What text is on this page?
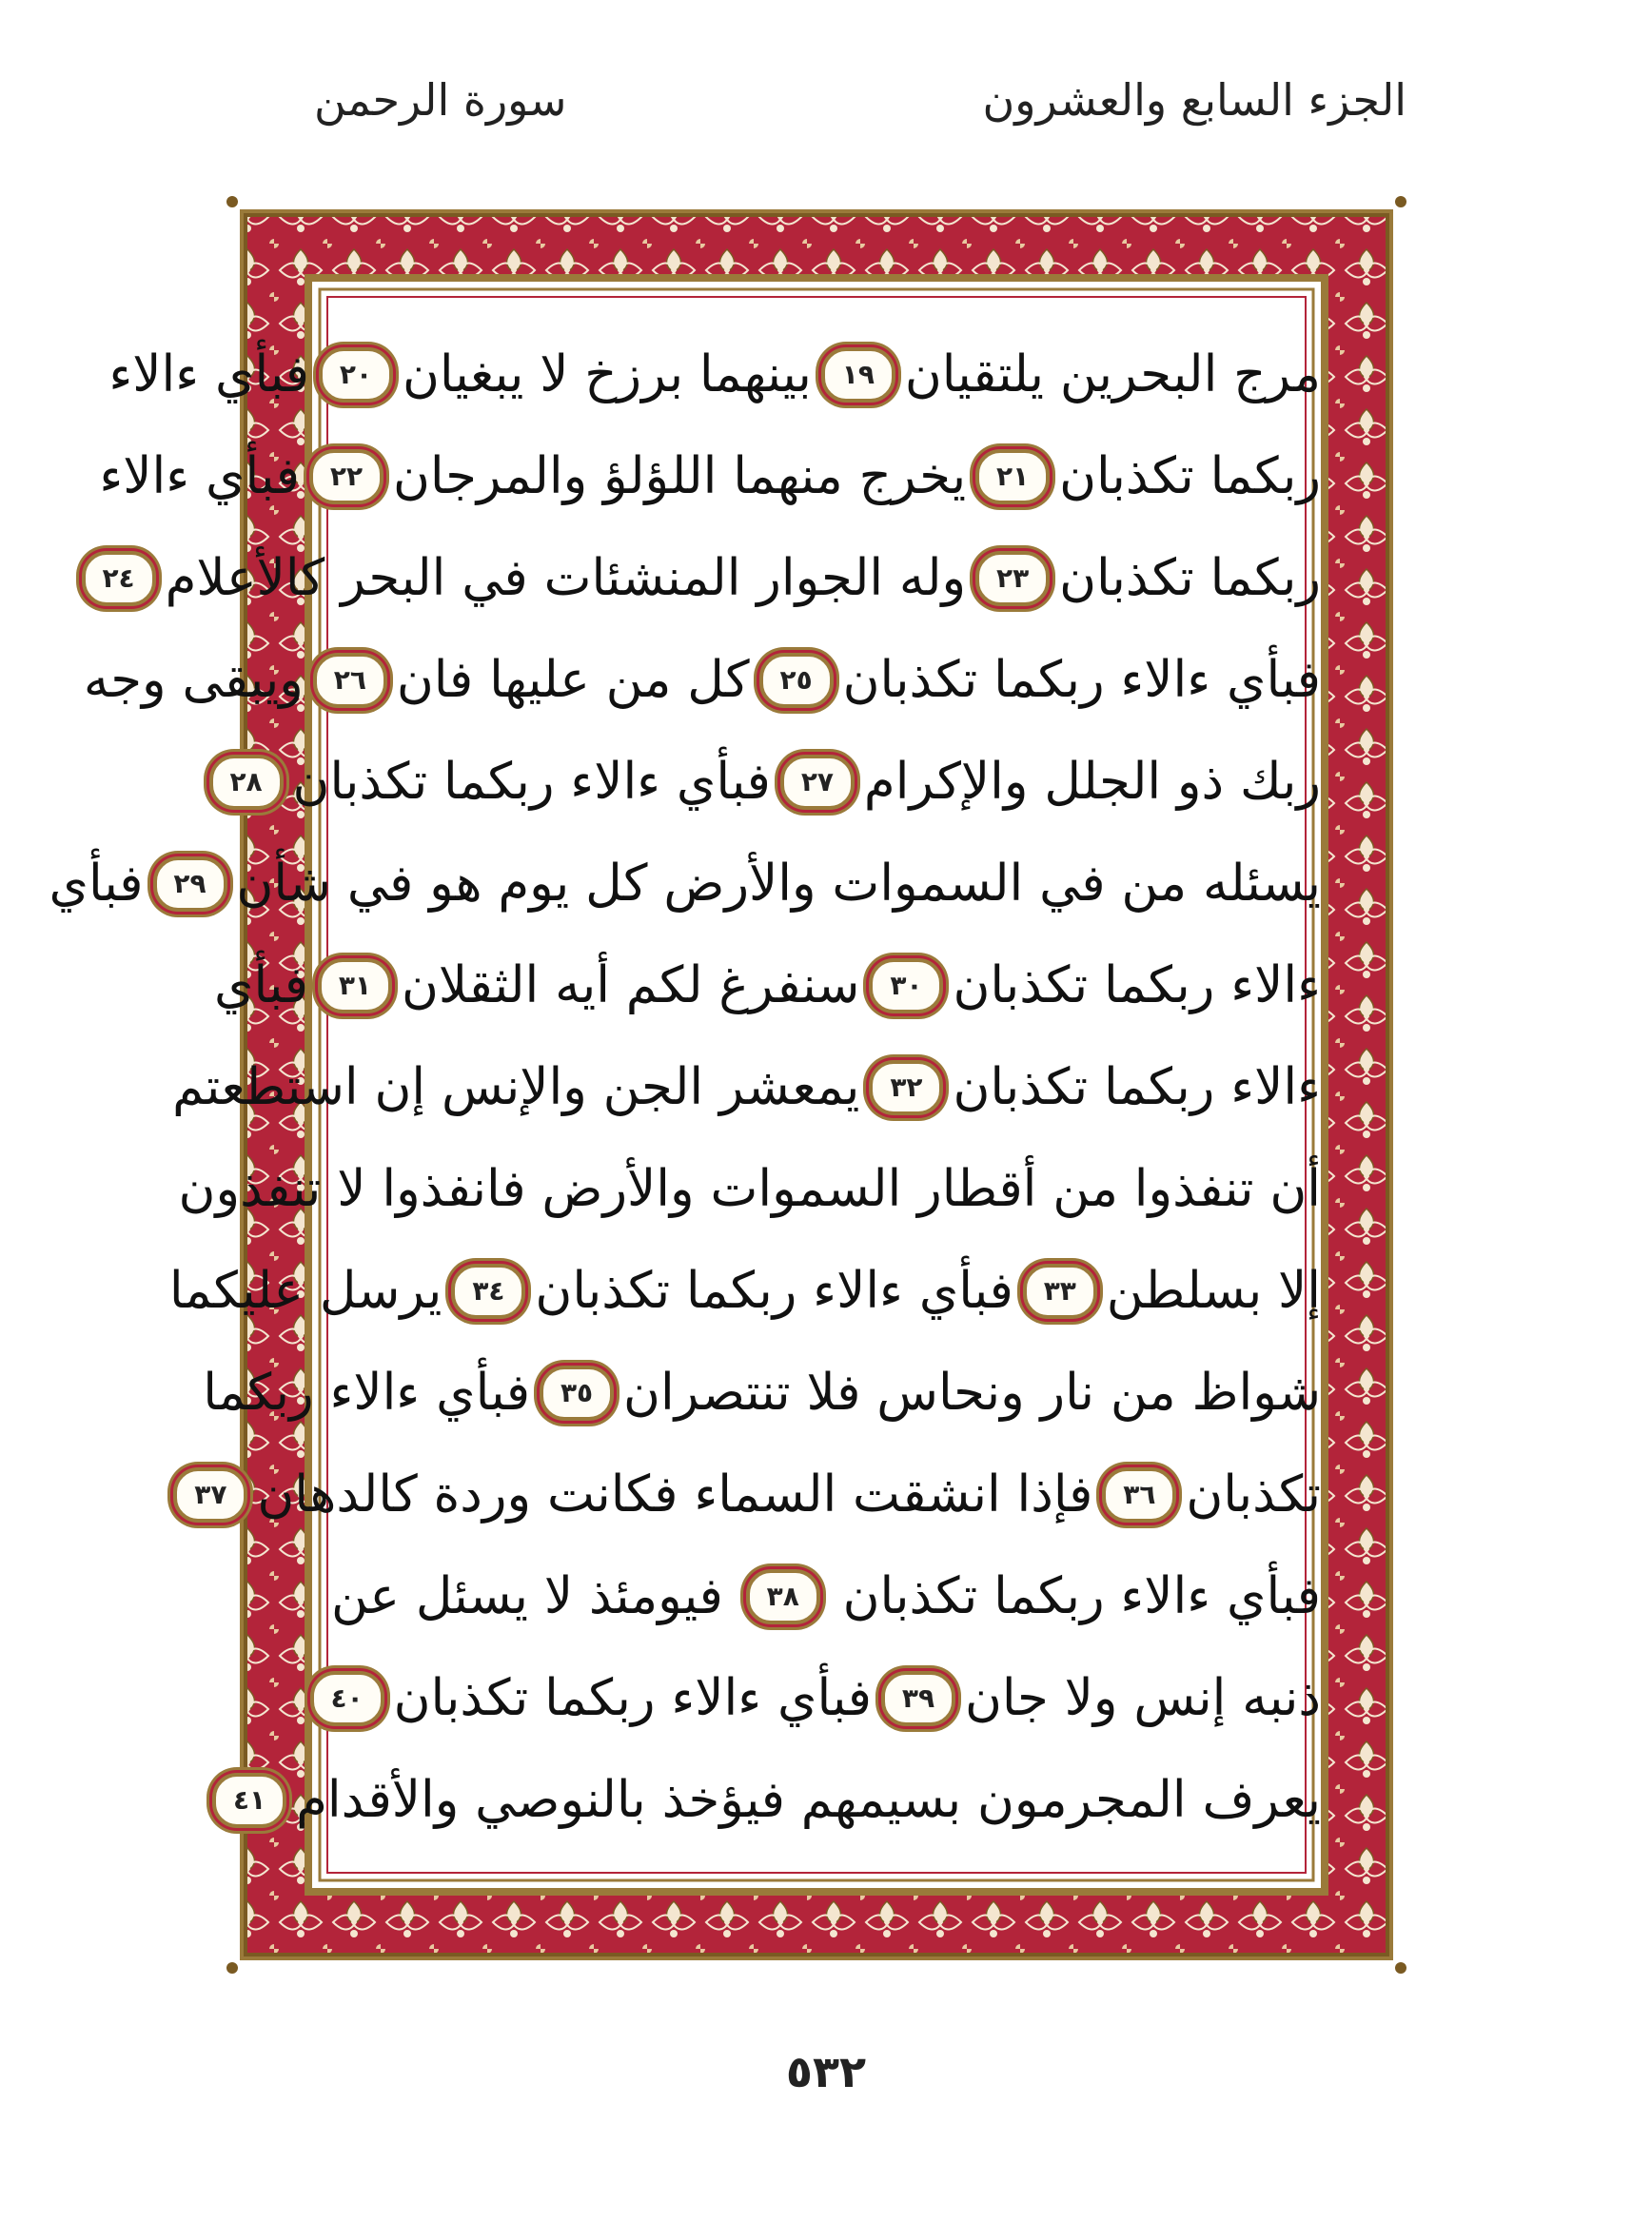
الجزء السابع والعشرون
سورة الرحمن
مرج البحرين يلتقيان
١٩
بينهما برزخ لا يبغيان
٢٠
فبأي ءالاء
ربكما تكذبان
٢١
يخرج منهما اللؤلؤ والمرجان
٢٢
فبأي ءالاء
ربكما تكذبان
٢٣
وله الجوار المنشئات في البحر كالأعلام
٢٤
فبأي ءالاء ربكما تكذبان
٢٥
كل من عليها فان
٢٦
ويبقى وجه
ربك ذو الجلل والإكرام
٢٧
فبأي ءالاء ربكما تكذبان
٢٨
يسئله من في السموات والأرض كل يوم هو في شأن
٢٩
فبأي
ءالاء ربكما تكذبان
٣٠
سنفرغ لكم أيه الثقلان
٣١
فبأي
ءالاء ربكما تكذبان
٣٢
يمعشر الجن والإنس إن استطعتم
أن تنفذوا من أقطار السموات والأرض فانفذوا لا تنفذون
إلا بسلطن
٣٣
فبأي ءالاء ربكما تكذبان
٣٤
يرسل عليكما
شواظ من نار ونحاس فلا تنتصران
٣٥
فبأي ءالاء ربكما
تكذبان
٣٦
فإذا انشقت السماء فكانت وردة كالدهان
٣٧
فبأي ءالاء ربكما تكذبان
٣٨
فيومئذ لا يسئل عن
ذنبه إنس ولا جان
٣٩
فبأي ءالاء ربكما تكذبان
٤٠
يعرف المجرمون بسيمهم فيؤخذ بالنوصي والأقدام
٤١
٥٣٢
